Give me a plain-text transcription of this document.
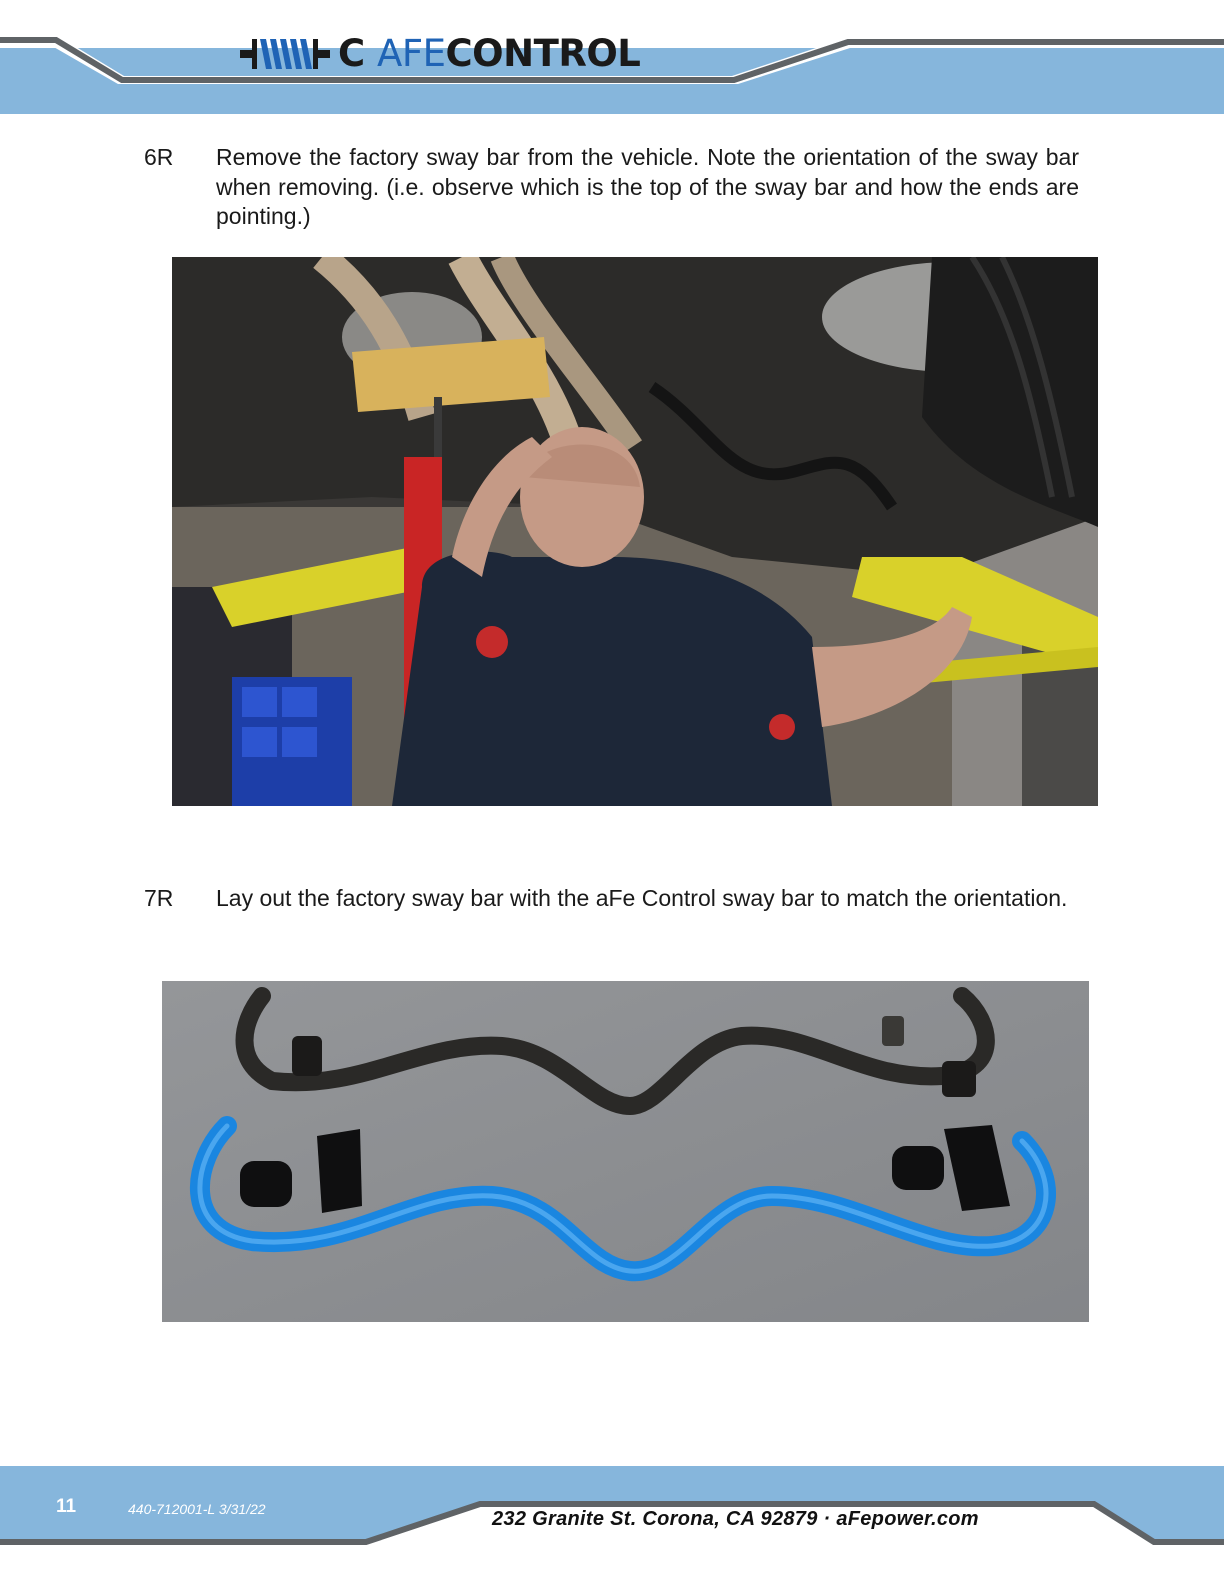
C AFECONTROL
6R	Remove the factory sway bar from the vehicle. Note the orientation of the sway bar when removing. (i.e. observe which is the top of the sway bar and how the ends are pointing.)
7R	Lay out the factory sway bar with the aFe Control sway bar to match the orientation.
11	440-712001-L 3/31/22	232 Granite St. Corona, CA 92879 · aFepower.com
